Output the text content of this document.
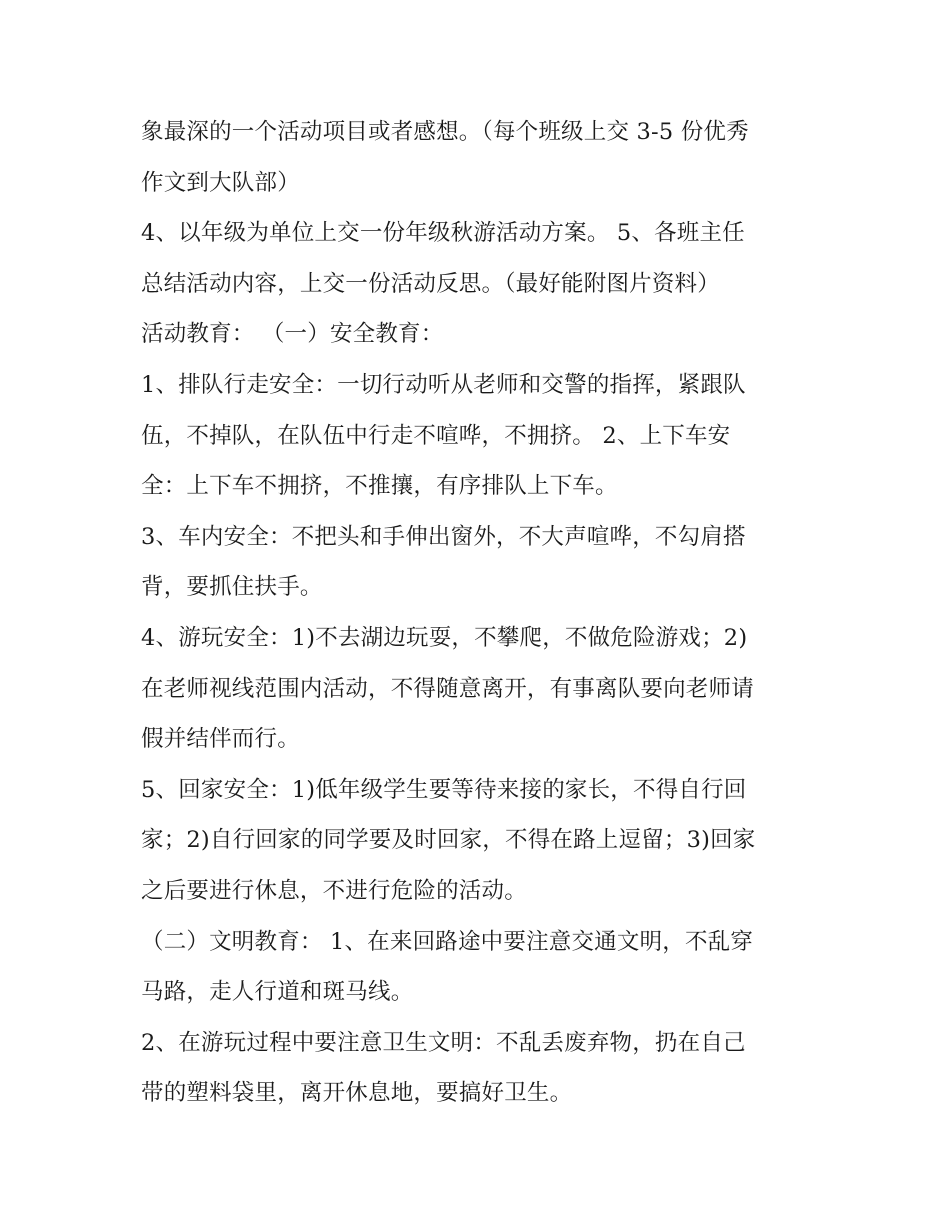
象最深的一个活动项目或者感想。（每个班级上交 3-5 份优秀
作文到大队部）
4、以年级为单位上交一份年级秋游活动方案。 5、各班主任
总结活动内容，上交一份活动反思。（最好能附图片资料）
活动教育： （一）安全教育：
1、排队行走安全：一切行动听从老师和交警的指挥，紧跟队
伍，不掉队，在队伍中行走不喧哗，不拥挤。 2、上下车安
全：上下车不拥挤，不推攘，有序排队上下车。
3、车内安全：不把头和手伸出窗外，不大声喧哗，不勾肩搭
背，要抓住扶手。
4、游玩安全：1)不去湖边玩耍，不攀爬，不做危险游戏；2)
在老师视线范围内活动，不得随意离开，有事离队要向老师请
假并结伴而行。
5、回家安全：1)低年级学生要等待来接的家长，不得自行回
家；2)自行回家的同学要及时回家，不得在路上逗留；3)回家
之后要进行休息，不进行危险的活动。
（二）文明教育： 1、在来回路途中要注意交通文明，不乱穿
马路，走人行道和斑马线。
2、在游玩过程中要注意卫生文明：不乱丢废弃物，扔在自己
带的塑料袋里，离开休息地，要搞好卫生。
